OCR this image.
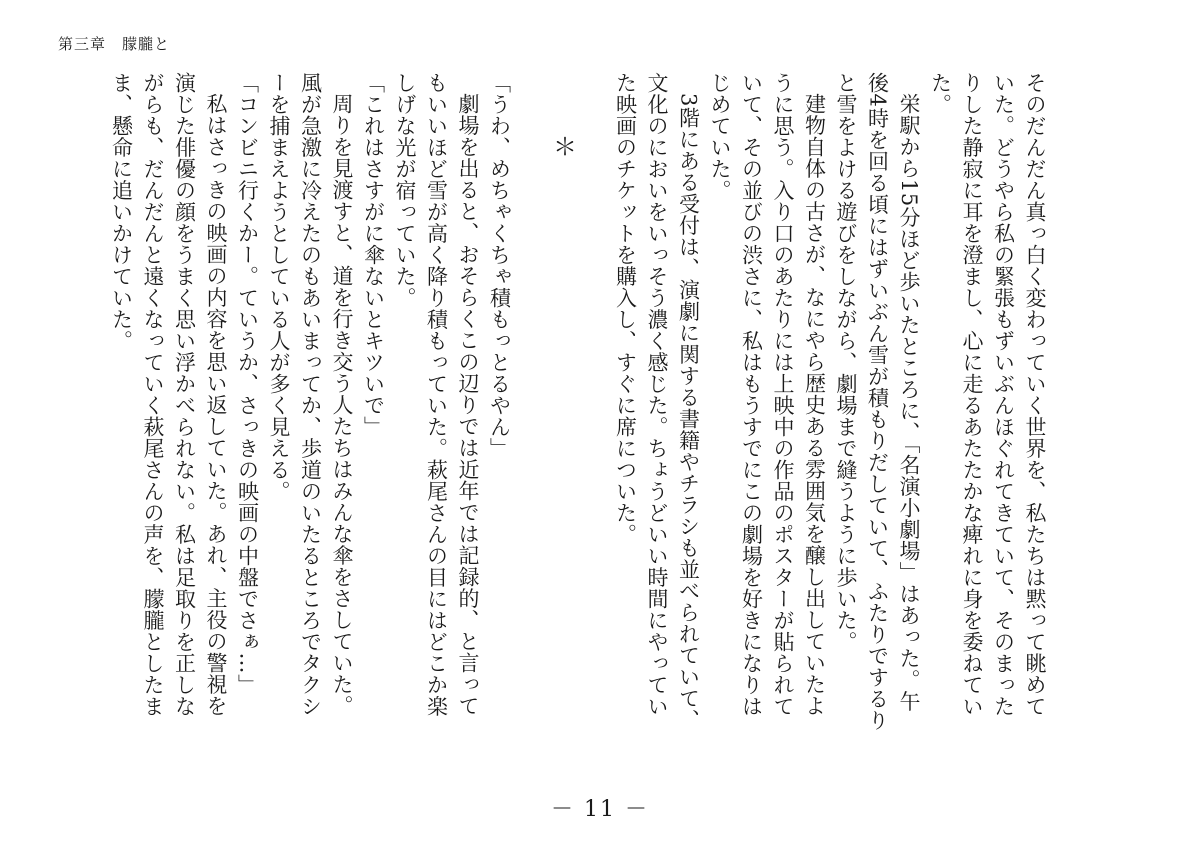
第三章　朦朧と

そのだんだん真っ白く変わっていく世界を、私たちは黙って眺めていた。どうやら私の緊張もずいぶんほぐれてきていて、そのまったりした静寂に耳を澄まし、心に走るあたたかな痺れに身を委ねていた。

栄駅から15分ほど歩いたところに、「名演小劇場」はあった。午後4時を回る頃にはずいぶん雪が積もりだしていて、ふたりでするりと雪をよける遊びをしながら、劇場まで縫うように歩いた。

建物自体の古さが、なにやら歴史ある雰囲気を醸し出していたように思う。入り口のあたりには上映中の作品のポスターが貼られていて、その並びの渋さに、私はもうすでにこの劇場を好きになりはじめていた。

3階にある受付は、演劇に関する書籍やチラシも並べられていて、文化のにおいをいっそう濃く感じた。ちょうどいい時間にやっていた映画のチケットを購入し、すぐに席についた。

＊

「うわ、めちゃくちゃ積もっとるやん」

劇場を出ると、おそらくこの辺りでは近年では記録的、と言ってもいいほど雪が高く降り積もっていた。萩尾さんの目にはどこか楽しげな光が宿っていた。

「これはさすがに傘ないとキツいで」

周りを見渡すと、道を行き交う人たちはみんな傘をさしていた。風が急激に冷えたのもあいまってか、歩道のいたるところでタクシーを捕まえようとしている人が多く見える。

「コンビニ行くかー。ていうか、さっきの映画の中盤でさぁ…」

私はさっきの映画の内容を思い返していた。あれ、主役の警視を演じた俳優の顔をうまく思い浮かべられない。私は足取りを正しながらも、だんだんと遠くなっていく萩尾さんの声を、朦朧としたまま、懸命に追いかけていた。

－ 11 －
